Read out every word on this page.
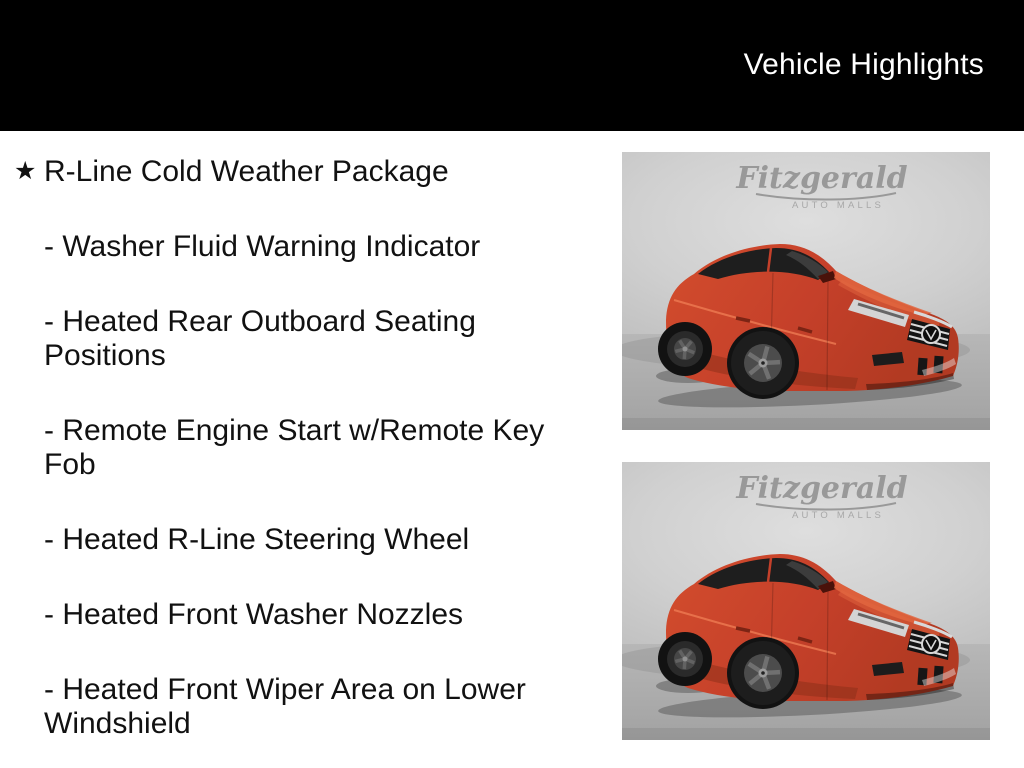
Vehicle Highlights
★ R-Line Cold Weather Package
- Washer Fluid Warning Indicator
- Heated Rear Outboard Seating Positions
- Remote Engine Start w/Remote Key Fob
- Heated R-Line Steering Wheel
- Heated Front Washer Nozzles
- Heated Front Wiper Area on Lower Windshield
Fitzgerald
AUTO MALLS
Fitzgerald
AUTO MALLS
